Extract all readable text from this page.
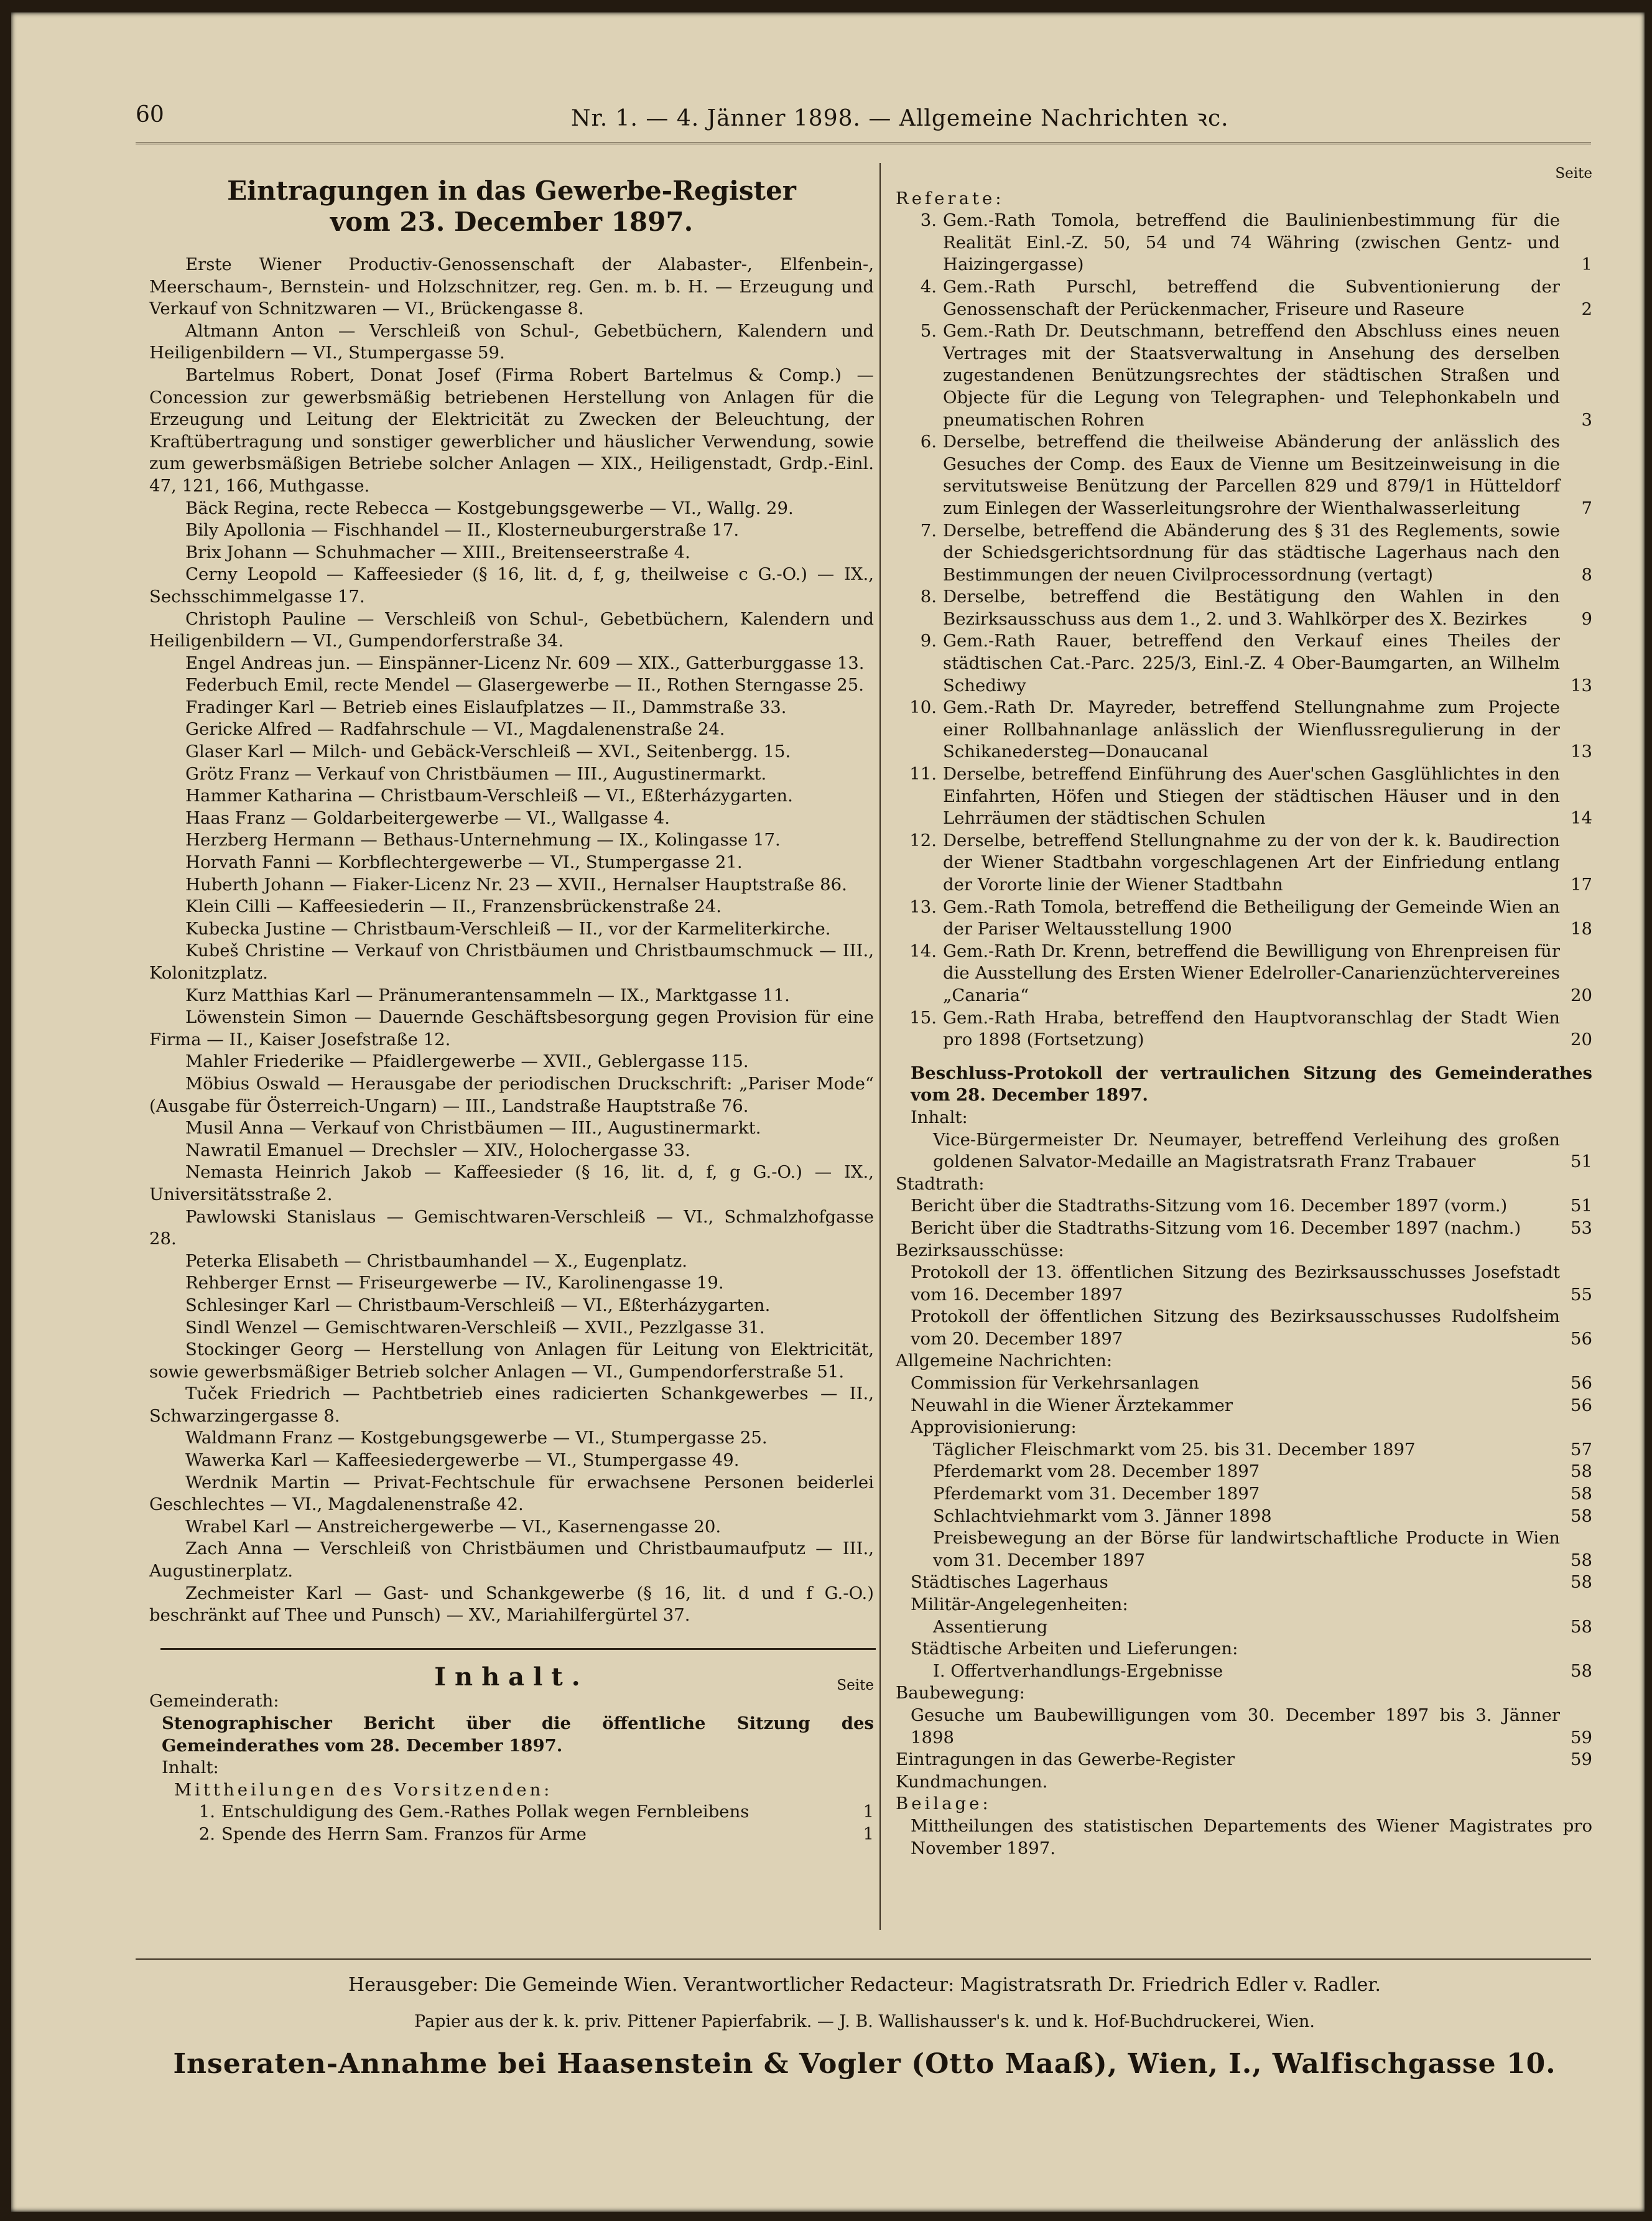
60	Nr. 1. — 4. Jänner 1898. — Allgemeine Nachrichten ꝛc.
Eintragungen in das Gewerbe-Register
vom 23. December 1897.

Erste Wiener Productiv-Genossenschaft der Alabaster-, Elfenbein-, Meerschaum-, Bernstein- und Holzschnitzer, reg. Gen. m. b. H. — Erzeugung und Verkauf von Schnitzwaren — VI., Brückengasse 8.

Altmann Anton — Verschleiß von Schul-, Gebetbüchern, Kalendern und Heiligenbildern — VI., Stumpergasse 59.

Bartelmus Robert, Donat Josef (Firma Robert Bartelmus & Comp.) — Concession zur gewerbsmäßig betriebenen Herstellung von Anlagen für die Erzeugung und Leitung der Elektricität zu Zwecken der Beleuchtung, der Kraftübertragung und sonstiger gewerblicher und häuslicher Verwendung, sowie zum gewerbsmäßigen Betriebe solcher Anlagen — XIX., Heiligenstadt, Grdp.-Einl. 47, 121, 166, Muthgasse.

Bäck Regina, recte Rebecca — Kostgebungsgewerbe — VI., Wallg. 29.

Bily Apollonia — Fischhandel — II., Klosterneuburgerstraße 17.

Brix Johann — Schuhmacher — XIII., Breitenseerstraße 4.

Cerny Leopold — Kaffeesieder (§ 16, lit. d, f, g, theilweise c G.-O.) — IX., Sechsschimmelgasse 17.

Christoph Pauline — Verschleiß von Schul-, Gebetbüchern, Kalendern und Heiligenbildern — VI., Gumpendorferstraße 34.

Engel Andreas jun. — Einspänner-Licenz Nr. 609 — XIX., Gatterburggasse 13.

Federbuch Emil, recte Mendel — Glasergewerbe — II., Rothen Sterngasse 25.

Fradinger Karl — Betrieb eines Eislaufplatzes — II., Dammstraße 33.

Gericke Alfred — Radfahrschule — VI., Magdalenenstraße 24.

Glaser Karl — Milch- und Gebäck-Verschleiß — XVI., Seitenbergg. 15.

Grötz Franz — Verkauf von Christbäumen — III., Augustinermarkt.

Hammer Katharina — Christbaum-Verschleiß — VI., Eßterházygarten.

Haas Franz — Goldarbeitergewerbe — VI., Wallgasse 4.

Herzberg Hermann — Bethaus-Unternehmung — IX., Kolingasse 17.

Horvath Fanni — Korbflechtergewerbe — VI., Stumpergasse 21.

Huberth Johann — Fiaker-Licenz Nr. 23 — XVII., Hernalser Hauptstraße 86.

Klein Cilli — Kaffeesiederin — II., Franzensbrückenstraße 24.

Kubecka Justine — Christbaum-Verschleiß — II., vor der Karmeliterkirche.

Kubeš Christine — Verkauf von Christbäumen und Christbaumschmuck — III., Kolonitzplatz.

Kurz Matthias Karl — Pränumerantensammeln — IX., Marktgasse 11.

Löwenstein Simon — Dauernde Geschäftsbesorgung gegen Provision für eine Firma — II., Kaiser Josefstraße 12.

Mahler Friederike — Pfaidlergewerbe — XVII., Geblergasse 115.

Möbius Oswald — Herausgabe der periodischen Druckschrift: „Pariser Mode“ (Ausgabe für Österreich-Ungarn) — III., Landstraße Hauptstraße 76.

Musil Anna — Verkauf von Christbäumen — III., Augustinermarkt.

Nawratil Emanuel — Drechsler — XIV., Holochergasse 33.

Nemasta Heinrich Jakob — Kaffeesieder (§ 16, lit. d, f, g G.-O.) — IX., Universitätsstraße 2.

Pawlowski Stanislaus — Gemischtwaren-Verschleiß — VI., Schmalzhofgasse 28.

Peterka Elisabeth — Christbaumhandel — X., Eugenplatz.

Rehberger Ernst — Friseurgewerbe — IV., Karolinengasse 19.

Schlesinger Karl — Christbaum-Verschleiß — VI., Eßterházygarten.

Sindl Wenzel — Gemischtwaren-Verschleiß — XVII., Pezzlgasse 31.

Stockinger Georg — Herstellung von Anlagen für Leitung von Elektricität, sowie gewerbsmäßiger Betrieb solcher Anlagen — VI., Gumpendorferstraße 51.

Tuček Friedrich — Pachtbetrieb eines radicierten Schankgewerbes — II., Schwarzingergasse 8.

Waldmann Franz — Kostgebungsgewerbe — VI., Stumpergasse 25.

Wawerka Karl — Kaffeesiedergewerbe — VI., Stumpergasse 49.

Werdnik Martin — Privat-Fechtschule für erwachsene Personen beiderlei Geschlechtes — VI., Magdalenenstraße 42.

Wrabel Karl — Anstreichergewerbe — VI., Kasernengasse 20.

Zach Anna — Verschleiß von Christbäumen und Christbaumaufputz — III., Augustinerplatz.

Zechmeister Karl — Gast- und Schankgewerbe (§ 16, lit. d und f G.-O.) beschränkt auf Thee und Punsch) — XV., Mariahilfergürtel 37.

Inhalt.	Seite

Gemeinderath:

Stenographischer Bericht über die öffentliche Sitzung des Gemeinderathes vom 28. December 1897.

Inhalt:

Mittheilungen des Vorsitzenden:

1. Entschuldigung des Gem.-Rathes Pollak wegen Fernbleibens	1
2. Spende des Herrn Sam. Franzos für Arme	1
Seite

Referate:

3. Gem.-Rath Tomola, betreffend die Baulinienbestimmung für die Realität Einl.-Z. 50, 54 und 74 Währing (zwischen Gentz- und Haizingergasse)	1
4. Gem.-Rath Purschl, betreffend die Subventionierung der Genossenschaft der Perückenmacher, Friseure und Raseure	2
5. Gem.-Rath Dr. Deutschmann, betreffend den Abschluss eines neuen Vertrages mit der Staatsverwaltung in Ansehung des derselben zugestandenen Benützungsrechtes der städtischen Straßen und Objecte für die Legung von Telegraphen- und Telephonkabeln und pneumatischen Rohren	3
6. Derselbe, betreffend die theilweise Abänderung der anlässlich des Gesuches der Comp. des Eaux de Vienne um Besitzeinweisung in die servitutsweise Benützung der Parcellen 829 und 879/1 in Hütteldorf zum Einlegen der Wasserleitungsrohre der Wienthalwasserleitung	7
7. Derselbe, betreffend die Abänderung des § 31 des Reglements, sowie der Schiedsgerichtsordnung für das städtische Lagerhaus nach den Bestimmungen der neuen Civilprocessordnung (vertagt)	8
8. Derselbe, betreffend die Bestätigung den Wahlen in den Bezirksausschuss aus dem 1., 2. und 3. Wahlkörper des X. Bezirkes	9
9. Gem.-Rath Rauer, betreffend den Verkauf eines Theiles der städtischen Cat.-Parc. 225/3, Einl.-Z. 4 Ober-Baumgarten, an Wilhelm Schediwy	13
10. Gem.-Rath Dr. Mayreder, betreffend Stellungnahme zum Projecte einer Rollbahnanlage anlässlich der Wienflussregulierung in der Schikanedersteg—Donaucanal	13
11. Derselbe, betreffend Einführung des Auer'schen Gasglühlichtes in den Einfahrten, Höfen und Stiegen der städtischen Häuser und in den Lehrräumen der städtischen Schulen	14
12. Derselbe, betreffend Stellungnahme zu der von der k. k. Baudirection der Wiener Stadtbahn vorgeschlagenen Art der Einfriedung entlang der Vororte linie der Wiener Stadtbahn	17
13. Gem.-Rath Tomola, betreffend die Betheiligung der Gemeinde Wien an der Pariser Weltausstellung 1900	18
14. Gem.-Rath Dr. Krenn, betreffend die Bewilligung von Ehrenpreisen für die Ausstellung des Ersten Wiener Edelroller-Canarienzüchtervereines „Canaria“	20
15. Gem.-Rath Hraba, betreffend den Hauptvoranschlag der Stadt Wien pro 1898 (Fortsetzung)	20

Beschluss-Protokoll der vertraulichen Sitzung des Gemeinderathes vom 28. December 1897.

Inhalt:

Vice-Bürgermeister Dr. Neumayer, betreffend Verleihung des großen goldenen Salvator-Medaille an Magistratsrath Franz Trabauer	51

Stadtrath:

Bericht über die Stadtraths-Sitzung vom 16. December 1897 (vorm.)	51
Bericht über die Stadtraths-Sitzung vom 16. December 1897 (nachm.)	53

Bezirksausschüsse:

Protokoll der 13. öffentlichen Sitzung des Bezirksausschusses Josefstadt vom 16. December 1897	55
Protokoll der öffentlichen Sitzung des Bezirksausschusses Rudolfsheim vom 20. December 1897	56

Allgemeine Nachrichten:

Commission für Verkehrsanlagen	56
Neuwahl in die Wiener Ärztekammer	56
Approvisionierung:
Täglicher Fleischmarkt vom 25. bis 31. December 1897	57
Pferdemarkt vom 28. December 1897	58
Pferdemarkt vom 31. December 1897	58
Schlachtviehmarkt vom 3. Jänner 1898	58
Preisbewegung an der Börse für landwirtschaftliche Producte in Wien vom 31. December 1897	58
Städtisches Lagerhaus	58
Militär-Angelegenheiten:
Assentierung	58
Städtische Arbeiten und Lieferungen:
I. Offertverhandlungs-Ergebnisse	58

Baubewegung:

Gesuche um Baubewilligungen vom 30. December 1897 bis 3. Jänner 1898	59
Eintragungen in das Gewerbe-Register	59

Kundmachungen.

Beilage:

Mittheilungen des statistischen Departements des Wiener Magistrates pro November 1897.
Herausgeber: Die Gemeinde Wien. Verantwortlicher Redacteur: Magistratsrath Dr. Friedrich Edler v. Radler.
Papier aus der k. k. priv. Pittener Papierfabrik. — J. B. Wallishausser's k. und k. Hof-Buchdruckerei, Wien.
Inseraten-Annahme bei Haasenstein & Vogler (Otto Maaß), Wien, I., Walfischgasse 10.
